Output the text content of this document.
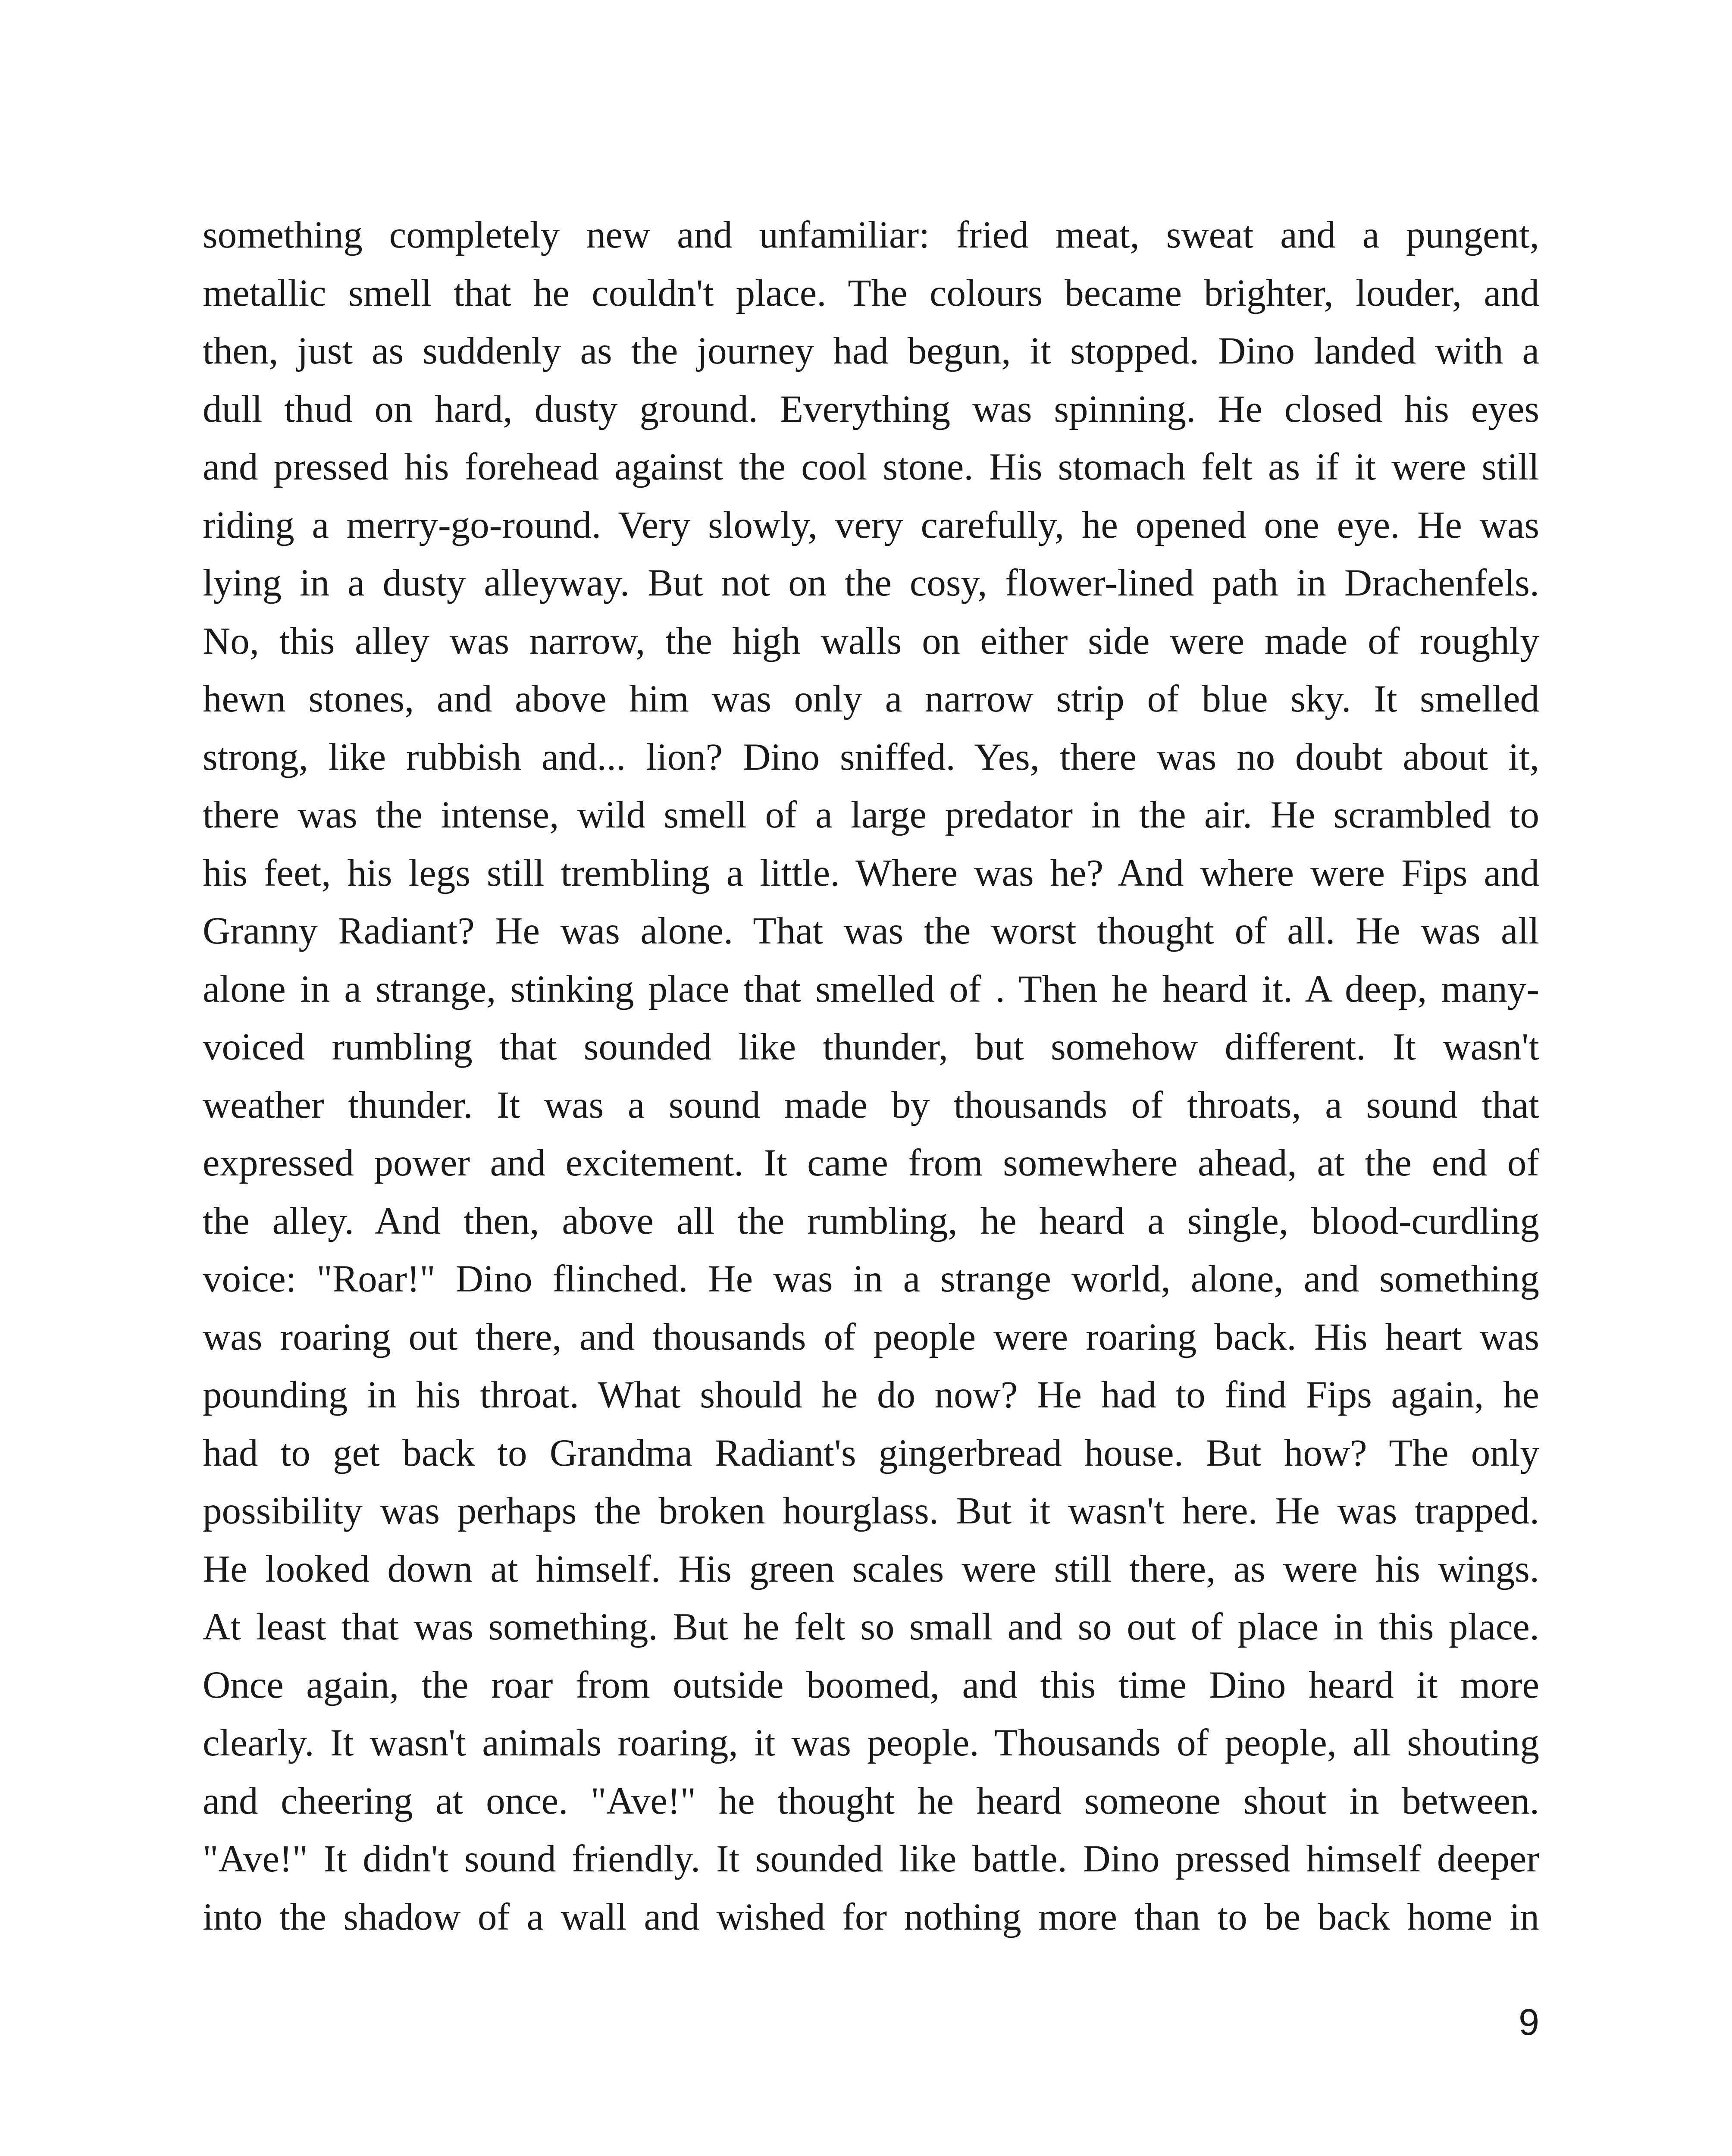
something completely new and unfamiliar: fried meat, sweat and a pungent,
metallic smell that he couldn't place. The colours became brighter, louder, and
then, just as suddenly as the journey had begun, it stopped. Dino landed with a
dull thud on hard, dusty ground. Everything was spinning. He closed his eyes
and pressed his forehead against the cool stone. His stomach felt as if it were still
riding a merry-go-round. Very slowly, very carefully, he opened one eye. He was
lying in a dusty alleyway. But not on the cosy, flower-lined path in Drachenfels.
No, this alley was narrow, the high walls on either side were made of roughly
hewn stones, and above him was only a narrow strip of blue sky. It smelled
strong, like rubbish and... lion? Dino sniffed. Yes, there was no doubt about it,
there was the intense, wild smell of a large predator in the air. He scrambled to
his feet, his legs still trembling a little. Where was he? And where were Fips and
Granny Radiant? He was alone. That was the worst thought of all. He was all
alone in a strange, stinking place that smelled of . Then he heard it. A deep, many-
voiced rumbling that sounded like thunder, but somehow different. It wasn't
weather thunder. It was a sound made by thousands of throats, a sound that
expressed power and excitement. It came from somewhere ahead, at the end of
the alley. And then, above all the rumbling, he heard a single, blood-curdling
voice: "Roar!" Dino flinched. He was in a strange world, alone, and something
was roaring out there, and thousands of people were roaring back. His heart was
pounding in his throat. What should he do now? He had to find Fips again, he
had to get back to Grandma Radiant's gingerbread house. But how? The only
possibility was perhaps the broken hourglass. But it wasn't here. He was trapped.
He looked down at himself. His green scales were still there, as were his wings.
At least that was something. But he felt so small and so out of place in this place.
Once again, the roar from outside boomed, and this time Dino heard it more
clearly. It wasn't animals roaring, it was people. Thousands of people, all shouting
and cheering at once. "Ave!" he thought he heard someone shout in between.
"Ave!" It didn't sound friendly. It sounded like battle. Dino pressed himself deeper
into the shadow of a wall and wished for nothing more than to be back home in
9
